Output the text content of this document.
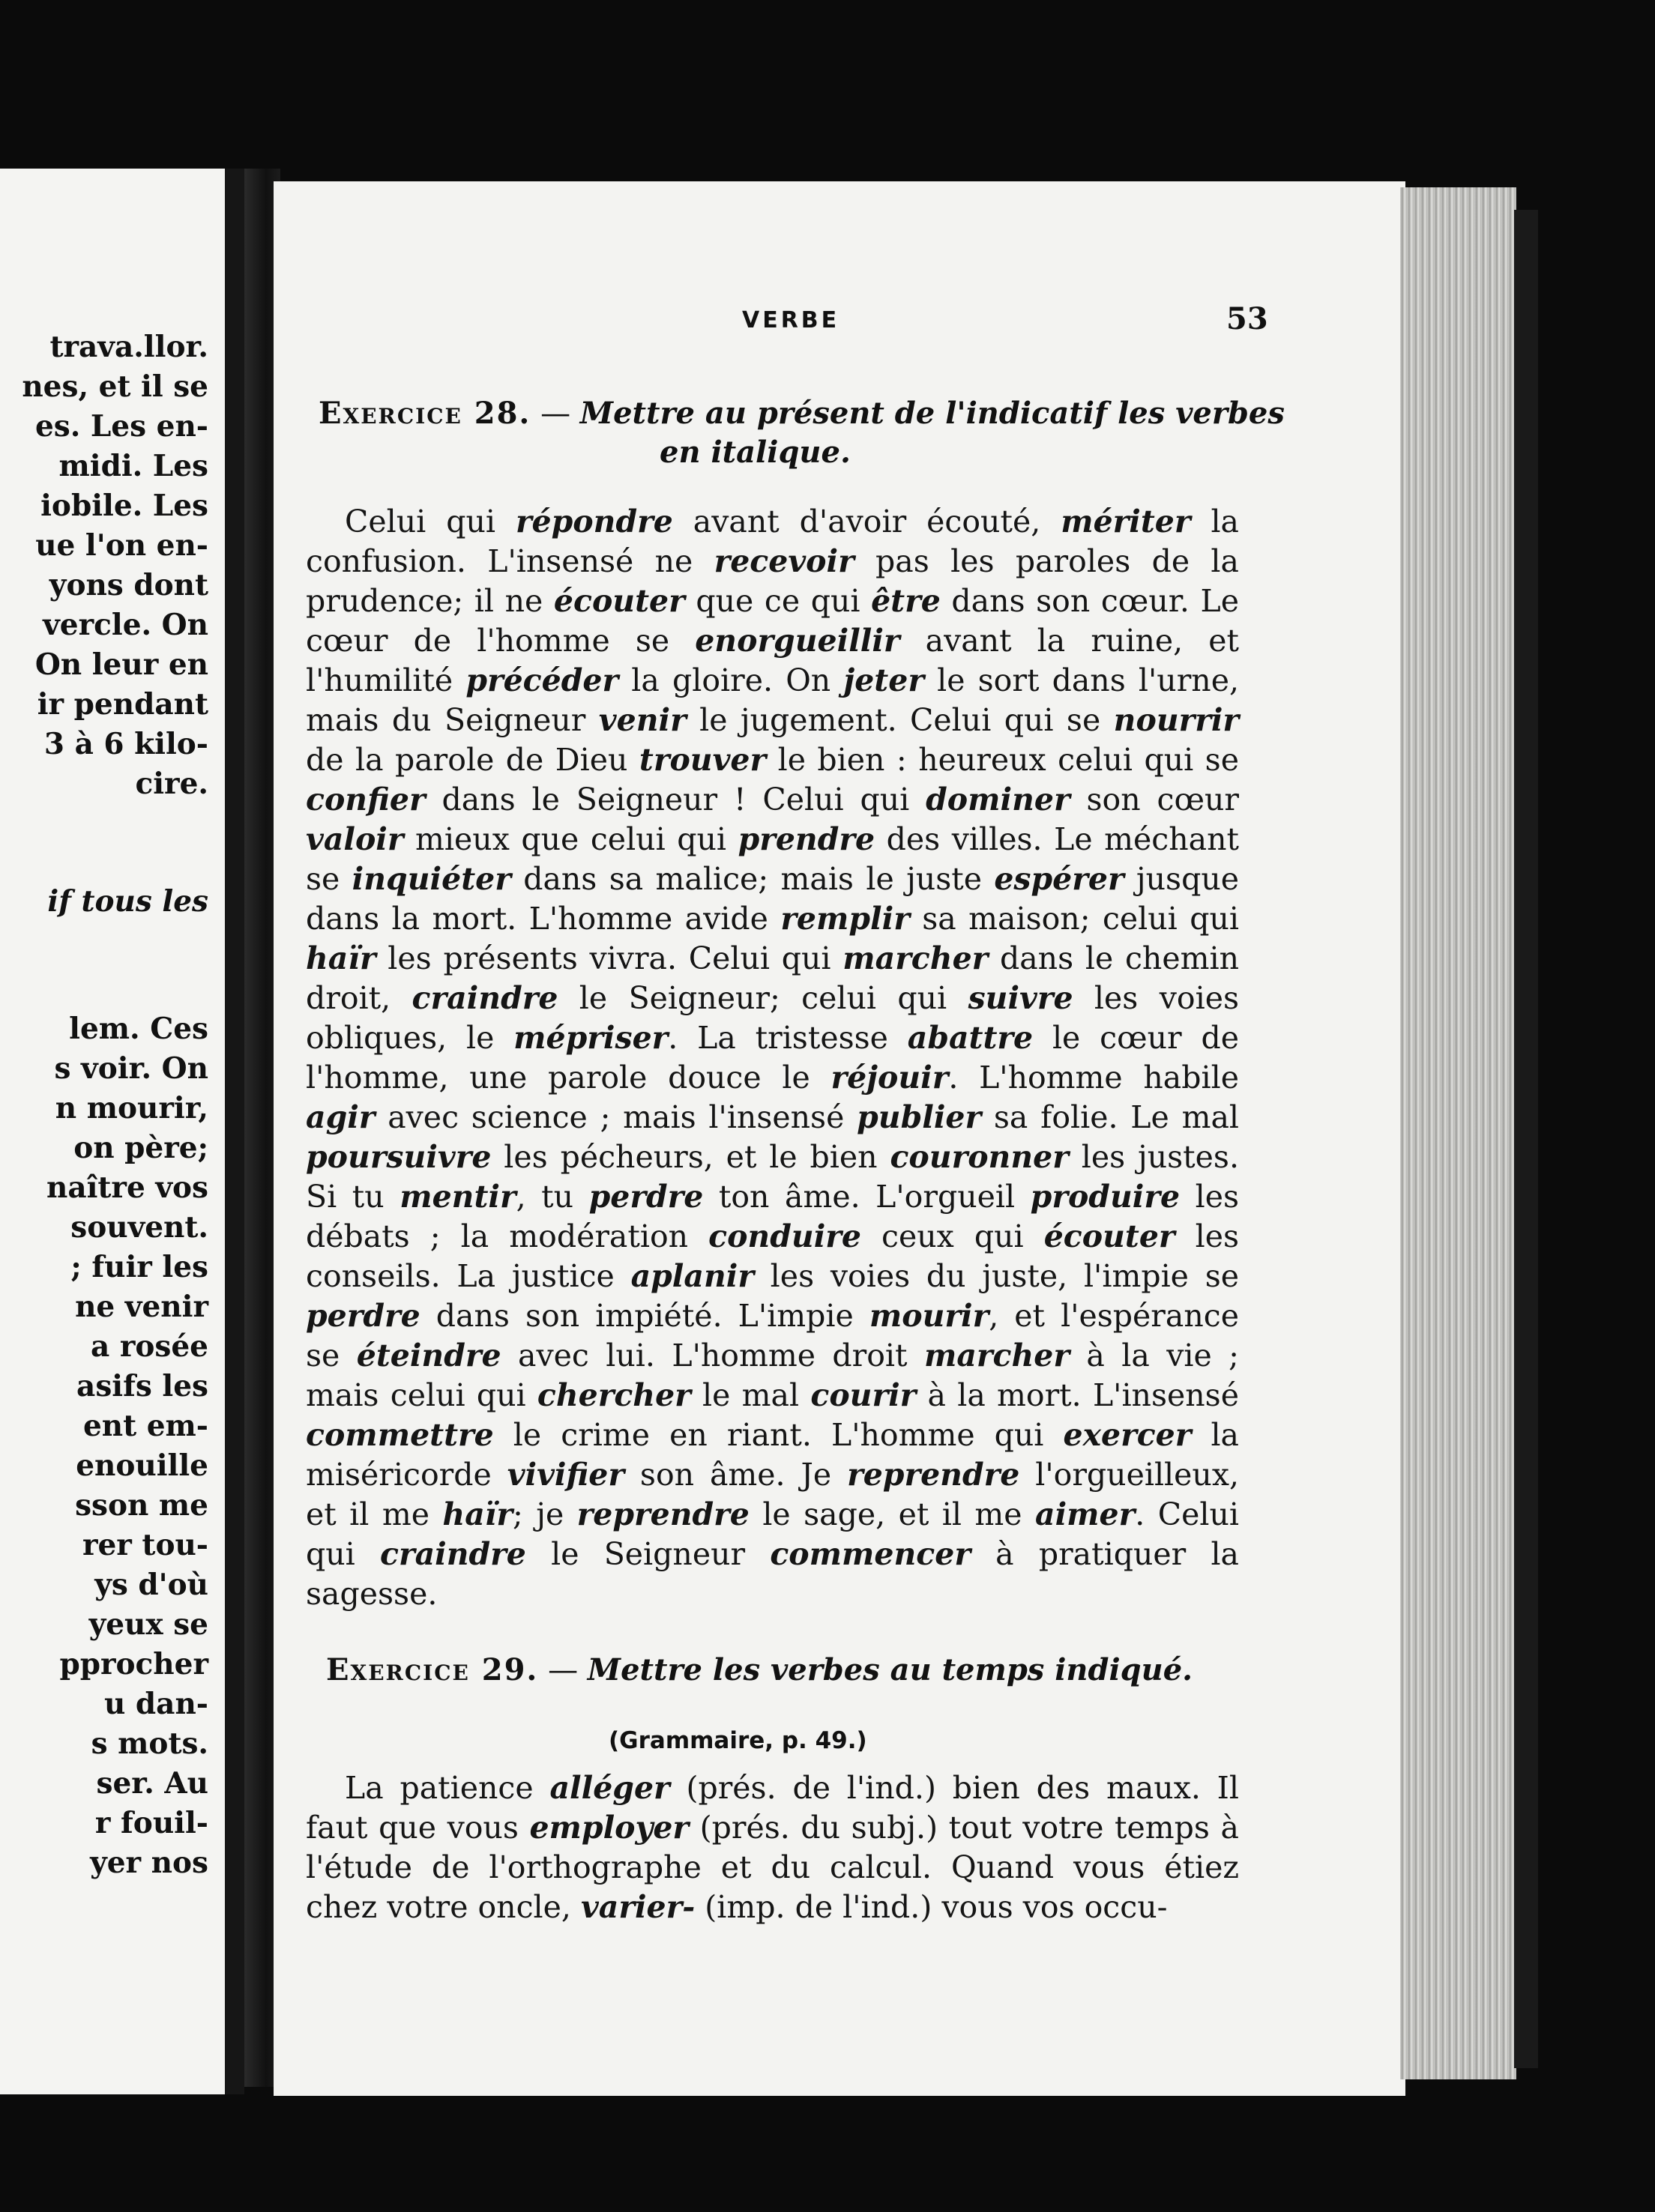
trava.llor.
nes, et il se
es. Les en-
midi. Les
iobile. Les
ue l'on en-
yons dont
vercle. On
On leur en
ir pendant
3 à 6 kilo-
cire.
if tous les
lem. Ces
s voir. On
n mourir,
on père;
naître vos
souvent.
; fuir les
ne venir
a rosée
asifs les
ent em-
enouille
sson me
rer tou-
ys d'où
yeux se
pprocher
u dan-
s mots.
ser. Au
r fouil-
yer nos
VERBE	53
Exercice 28. — Mettre au présent de l'indicatif les verbes
en italique.
Celui qui répondre avant d'avoir écouté, mériter la confusion. L'insensé ne recevoir pas les paroles de la prudence; il ne écouter que ce qui être dans son cœur. Le cœur de l'homme se enorgueillir avant la ruine, et l'humilité précéder la gloire. On jeter le sort dans l'urne, mais du Seigneur venir le jugement. Celui qui se nourrir de la parole de Dieu trouver le bien : heureux celui qui se confier dans le Seigneur ! Celui qui dominer son cœur valoir mieux que celui qui prendre des villes. Le méchant se inquiéter dans sa malice; mais le juste espérer jusque dans la mort. L'homme avide remplir sa maison; celui qui haïr les présents vivra. Celui qui marcher dans le chemin droit, craindre le Seigneur; celui qui suivre les voies obliques, le mépriser. La tristesse abattre le cœur de l'homme, une parole douce le réjouir. L'homme habile agir avec science ; mais l'insensé publier sa folie. Le mal poursuivre les pécheurs, et le bien couronner les justes. Si tu mentir, tu perdre ton âme. L'orgueil produire les débats ; la modération conduire ceux qui écouter les conseils. La justice aplanir les voies du juste, l'impie se perdre dans son impiété. L'impie mourir, et l'espérance se éteindre avec lui. L'homme droit marcher à la vie ; mais celui qui chercher le mal courir à la mort. L'insensé commettre le crime en riant. L'homme qui exercer la miséricorde vivifier son âme. Je reprendre l'orgueilleux, et il me haïr; je reprendre le sage, et il me aimer. Celui qui craindre le Seigneur commencer à pratiquer la sagesse.
Exercice 29. — Mettre les verbes au temps indiqué.
(Grammaire, p. 49.)
La patience alléger (prés. de l'ind.) bien des maux. Il faut que vous employer (prés. du subj.) tout votre temps à l'étude de l'orthographe et du calcul. Quand vous étiez chez votre oncle, varier- (imp. de l'ind.) vous vos occu-
